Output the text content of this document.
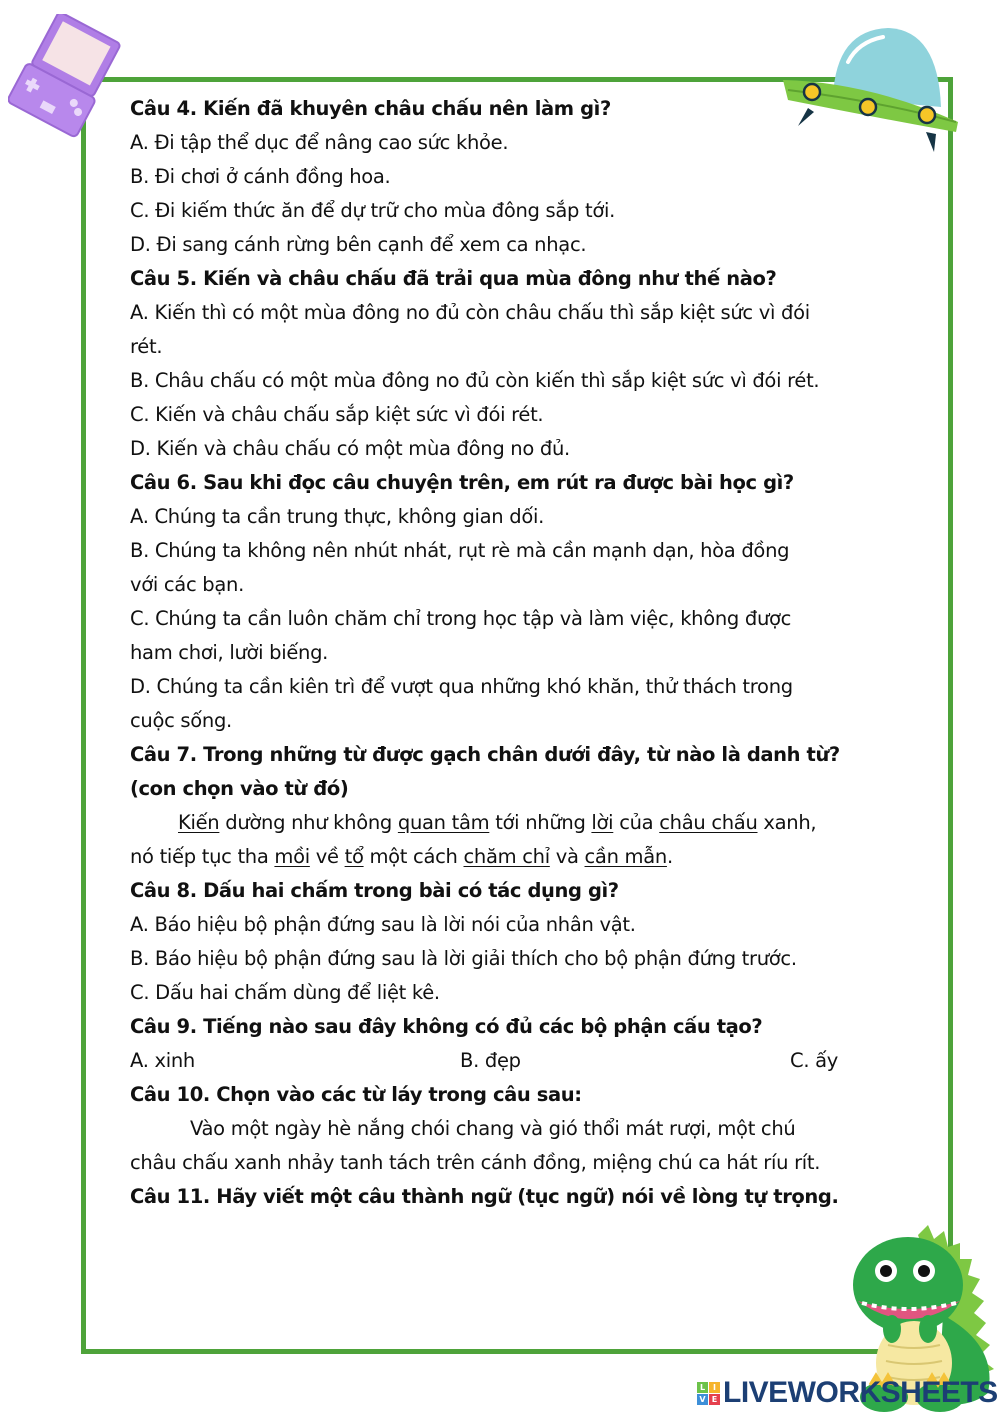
Câu 4. Kiến đã khuyên châu chấu nên làm gì?
A. Đi tập thể dục để nâng cao sức khỏe.
B. Đi chơi ở cánh đồng hoa.
C. Đi kiếm thức ăn để dự trữ cho mùa đông sắp tới.
D. Đi sang cánh rừng bên cạnh để xem ca nhạc.
Câu 5. Kiến và châu chấu đã trải qua mùa đông như thế nào?
A. Kiến thì có một mùa đông no đủ còn châu chấu thì sắp kiệt sức vì đói
rét.
B. Châu chấu có một mùa đông no đủ còn kiến thì sắp kiệt sức vì đói rét.
C. Kiến và châu chấu sắp kiệt sức vì đói rét.
D. Kiến và châu chấu có một mùa đông no đủ.
Câu 6. Sau khi đọc câu chuyện trên, em rút ra được bài học gì?
A. Chúng ta cần trung thực, không gian dối.
B. Chúng ta không nên nhút nhát, rụt rè mà cần mạnh dạn, hòa đồng
với các bạn.
C. Chúng ta cần luôn chăm chỉ trong học tập và làm việc, không được
ham chơi, lười biếng.
D. Chúng ta cần kiên trì để vượt qua những khó khăn, thử thách trong
cuộc sống.
Câu 7. Trong những từ được gạch chân dưới đây, từ nào là danh từ?
(con chọn vào từ đó)
Kiến dường như không quan tâm tới những lời của châu chấu xanh,
nó tiếp tục tha mồi về tổ một cách chăm chỉ và cần mẫn.
Câu 8. Dấu hai chấm trong bài có tác dụng gì?
A. Báo hiệu bộ phận đứng sau là lời nói của nhân vật.
B. Báo hiệu bộ phận đứng sau là lời giải thích cho bộ phận đứng trước.
C. Dấu hai chấm dùng để liệt kê.
Câu 9. Tiếng nào sau đây không có đủ các bộ phận cấu tạo?
A. xinh	B. đẹp	C. ấy
Câu 10. Chọn vào các từ láy trong câu sau:
Vào một ngày hè nắng chói chang và gió thổi mát rượi, một chú
châu chấu xanh nhảy tanh tách trên cánh đồng, miệng chú ca hát ríu rít.
Câu 11. Hãy viết một câu thành ngữ (tục ngữ) nói về lòng tự trọng.
L I
V E LIVEWORKSHEETS
